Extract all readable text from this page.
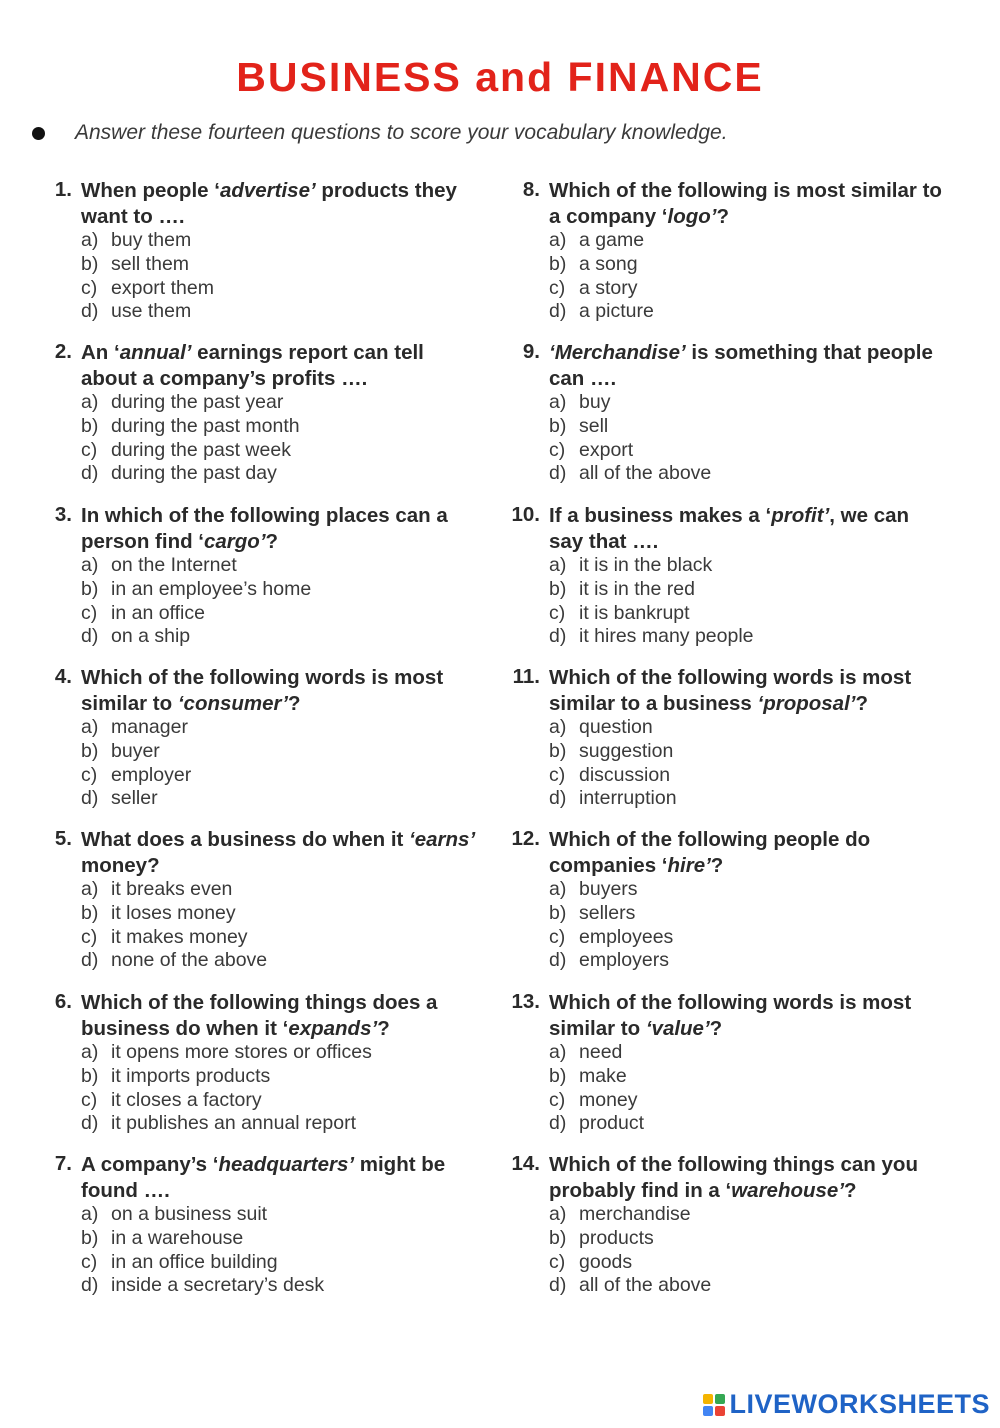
BUSINESS and FINANCE
Answer these fourteen questions to score your vocabulary knowledge.
1. When people ‘advertise’ products they want to ….
a) buy them
b) sell them
c) export them
d) use them
2. An ‘annual’ earnings report can tell about a company’s profits ….
a) during the past year
b) during the past month
c) during the past week
d) during the past day
3. In which of the following places can a person find ‘cargo’?
a) on the Internet
b) in an employee’s home
c) in an office
d) on a ship
4. Which of the following words is most similar to ‘consumer’?
a) manager
b) buyer
c) employer
d) seller
5. What does a business do when it ‘earns’ money?
a) it breaks even
b) it loses money
c) it makes money
d) none of the above
6. Which of the following things does a business do when it ‘expands’?
a) it opens more stores or offices
b) it imports products
c) it closes a factory
d) it publishes an annual report
7. A company’s ‘headquarters’ might be found ….
a) on a business suit
b) in a warehouse
c) in an office building
d) inside a secretary’s desk
8. Which of the following is most similar to a company ‘logo’?
a) a game
b) a song
c) a story
d) a picture
9. ‘Merchandise’ is something that people can ….
a) buy
b) sell
c) export
d) all of the above
10. If a business makes a ‘profit’, we can say that ….
a) it is in the black
b) it is in the red
c) it is bankrupt
d) it hires many people
11. Which of the following words is most similar to a business ‘proposal’?
a) question
b) suggestion
c) discussion
d) interruption
12. Which of the following people do companies ‘hire’?
a) buyers
b) sellers
c) employees
d) employers
13. Which of the following words is most similar to ‘value’?
a) need
b) make
c) money
d) product
14. Which of the following things can you probably find in a ‘warehouse’?
a) merchandise
b) products
c) goods
d) all of the above
LIVEWORKSHEETS
